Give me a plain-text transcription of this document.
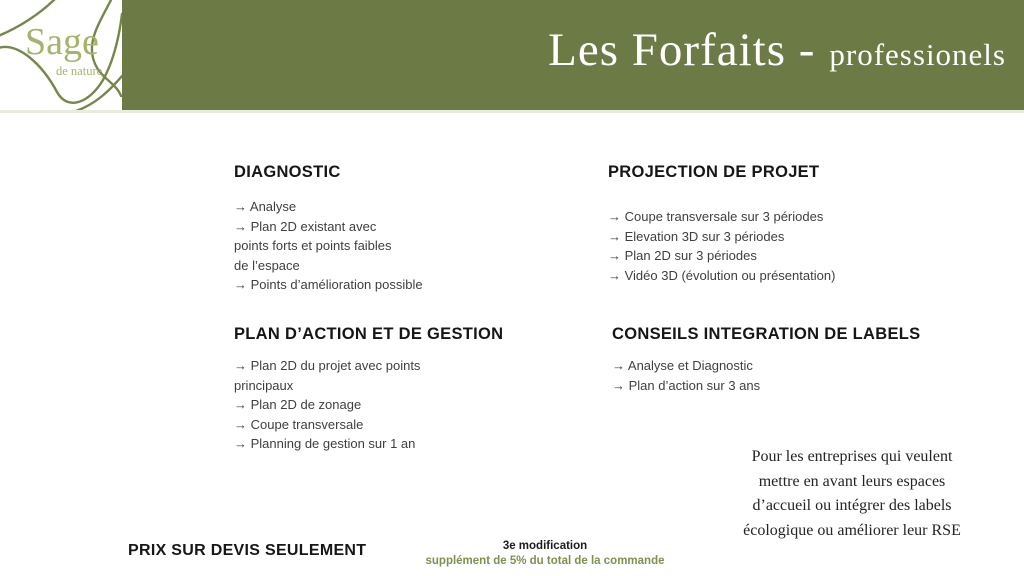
Les Forfaits - professionels
Sage
de nature
DIAGNOSTIC
→ Analyse
→ Plan 2D existant avec
points forts et points faibles
de l’espace
→ Points d’amélioration possible
PROJECTION DE PROJET
→ Coupe transversale sur 3 périodes
→ Elevation 3D sur 3 périodes
→ Plan 2D sur 3 périodes
→ Vidéo 3D (évolution ou présentation)
PLAN D’ACTION ET DE GESTION
→ Plan 2D du projet avec points
principaux
→ Plan 2D de zonage
→ Coupe transversale
→ Planning de gestion sur 1 an
CONSEILS INTEGRATION DE LABELS
→ Analyse et Diagnostic
→ Plan d’action sur 3 ans
Pour les entreprises qui veulent
mettre en avant leurs espaces
d’accueil ou intégrer des labels
écologique ou améliorer leur RSE
PRIX SUR DEVIS SEULEMENT	3e modification
supplément de 5% du total de la commande
